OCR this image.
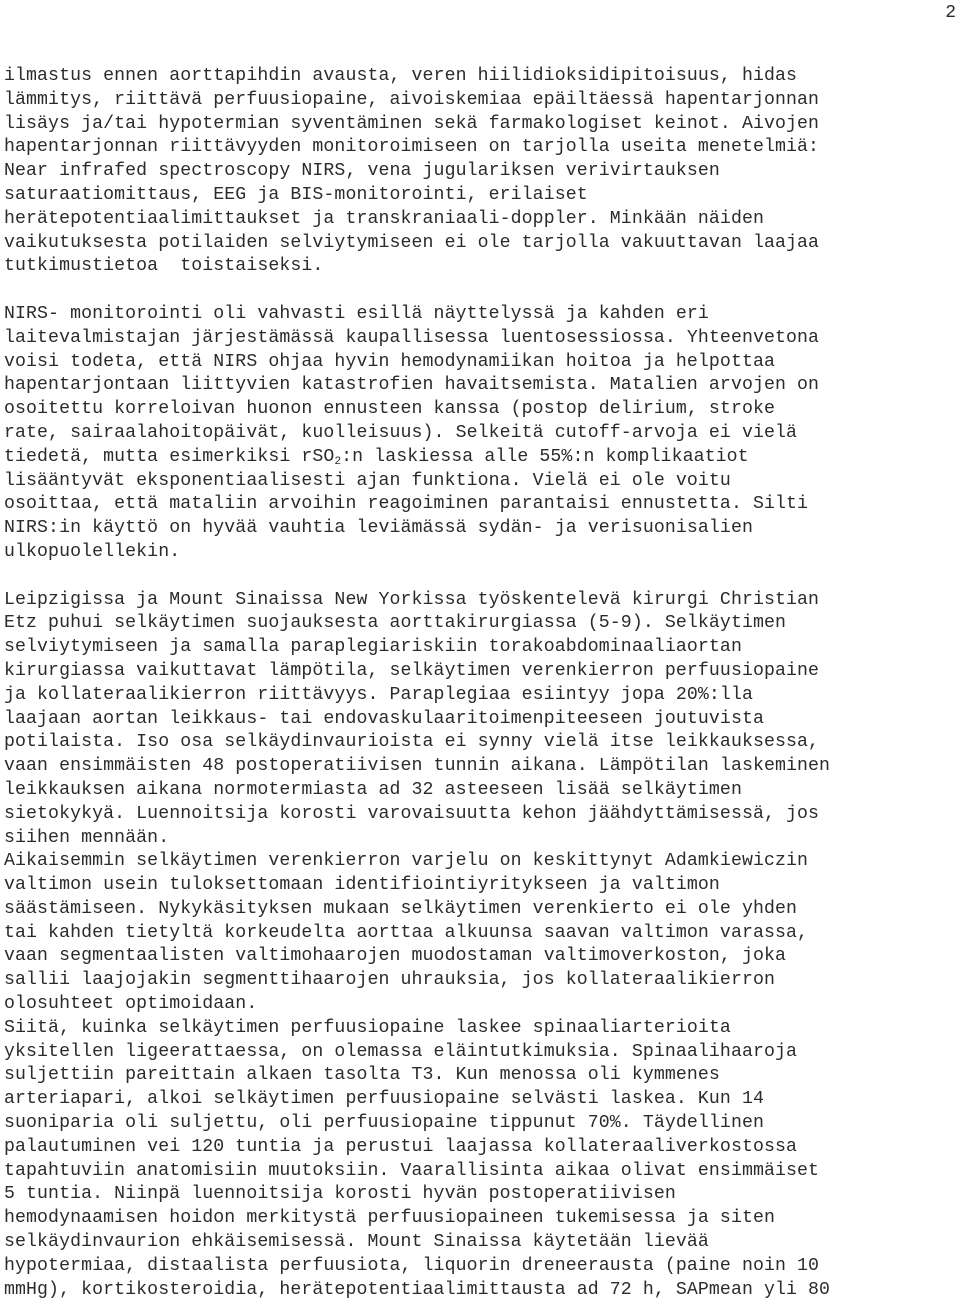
2
ilmastus ennen aorttapihdin avausta, veren hiilidioksidipitoisuus, hidas
lämmitys, riittävä perfuusiopaine, aivoiskemiaa epäiltäessä hapentarjonnan
lisäys ja/tai hypotermian syventäminen sekä farmakologiset keinot. Aivojen
hapentarjonnan riittävyyden monitoroimiseen on tarjolla useita menetelmiä:
Near infrafed spectroscopy NIRS, vena jugulariksen verivirtauksen
saturaatiomittaus, EEG ja BIS-monitorointi, erilaiset
herätepotentiaalimittaukset ja transkraniaali-doppler. Minkään näiden
vaikutuksesta potilaiden selviytymiseen ei ole tarjolla vakuuttavan laajaa
tutkimustietoa  toistaiseksi.
NIRS- monitorointi oli vahvasti esillä näyttelyssä ja kahden eri
laitevalmistajan järjestämässä kaupallisessa luentosessiossa. Yhteenvetona
voisi todeta, että NIRS ohjaa hyvin hemodynamiikan hoitoa ja helpottaa
hapentarjontaan liittyvien katastrofien havaitsemista. Matalien arvojen on
osoitettu korreloivan huonon ennusteen kanssa (postop delirium, stroke
rate, sairaalahoitopäivät, kuolleisuus). Selkeitä cutoff-arvoja ei vielä
tiedetä, mutta esimerkiksi rSO$_2$:n laskiessa alle 55%:n komplikaatiot
lisääntyvät eksponentiaalisesti ajan funktiona. Vielä ei ole voitu
osoittaa, että mataliin arvoihin reagoiminen parantaisi ennustetta. Silti
NIRS:in käyttö on hyvää vauhtia leviämässä sydän- ja verisuonisalien
ulkopuolellekin.
Leipzigissa ja Mount Sinaissa New Yorkissa työskentelevä kirurgi Christian
Etz puhui selkäytimen suojauksesta aorttakirurgiassa (5-9). Selkäytimen
selviytymiseen ja samalla paraplegiariskiin torakoabdominaaliaortan
kirurgiassa vaikuttavat lämpötila, selkäytimen verenkierron perfuusiopaine
ja kollateraalikierron riittävyys. Paraplegiaa esiintyy jopa 20%:lla
laajaan aortan leikkaus- tai endovaskulaaritoimenpiteeseen joutuvista
potilaista. Iso osa selkäydinvaurioista ei synny vielä itse leikkauksessa,
vaan ensimmäisten 48 postoperatiivisen tunnin aikana. Lämpötilan laskeminen
leikkauksen aikana normotermiasta ad 32 asteeseen lisää selkäytimen
sietokykyä. Luennoitsija korosti varovaisuutta kehon jäähdyttämisessä, jos
siihen mennään.
Aikaisemmin selkäytimen verenkierron varjelu on keskittynyt Adamkiewiczin
valtimon usein tuloksettomaan identifiointiyritykseen ja valtimon
säästämiseen. Nykykäsityksen mukaan selkäytimen verenkierto ei ole yhden
tai kahden tietyltä korkeudelta aorttaa alkuunsa saavan valtimon varassa,
vaan segmentaalisten valtimohaarojen muodostaman valtimoverkoston, joka
sallii laajojakin segmenttihaarojen uhrauksia, jos kollateraalikierron
olosuhteet optimoidaan.
Siitä, kuinka selkäytimen perfuusiopaine laskee spinaaliarterioita
yksitellen ligeerattaessa, on olemassa eläintutkimuksia. Spinaalihaaroja
suljettiin pareittain alkaen tasolta T3. Kun menossa oli kymmenes
arteriapari, alkoi selkäytimen perfuusiopaine selvästi laskea. Kun 14
suoniparia oli suljettu, oli perfuusiopaine tippunut 70%. Täydellinen
palautuminen vei 120 tuntia ja perustui laajassa kollateraaliverkostossa
tapahtuviin anatomisiin muutoksiin. Vaarallisinta aikaa olivat ensimmäiset
5 tuntia. Niinpä luennoitsija korosti hyvän postoperatiivisen
hemodynaamisen hoidon merkitystä perfuusiopaineen tukemisessa ja siten
selkäydinvaurion ehkäisemisessä. Mount Sinaissa käytetään lievää
hypotermiaa, distaalista perfuusiota, liquorin dreneerausta (paine noin 10
mmHg), kortikosteroidia, herätepotentiaalimittausta ad 72 h, SAPmean yli 80
